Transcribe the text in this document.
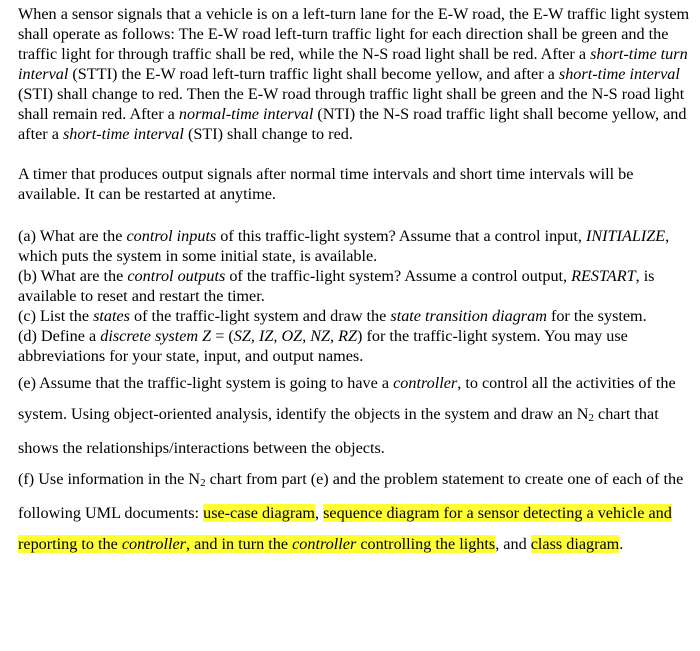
When a sensor signals that a vehicle is on a left-turn lane for the E-W road, the E-W traffic light system shall operate as follows: The E-W road left-turn traffic light for each direction shall be green and the traffic light for through traffic shall be red, while the N-S road light shall be red. After a short-time turn interval (STTI) the E-W road left-turn traffic light shall become yellow, and after a short-time interval (STI) shall change to red. Then the E-W road through traffic light shall be green and the N-S road light shall remain red. After a normal-time interval (NTI) the N-S road traffic light shall become yellow, and after a short-time interval (STI) shall change to red.

A timer that produces output signals after normal time intervals and short time intervals will be available. It can be restarted at anytime.

(a) What are the control inputs of this traffic-light system? Assume that a control input, INITIALIZE, which puts the system in some initial state, is available.

(b) What are the control outputs of the traffic-light system? Assume a control output, RESTART, is available to reset and restart the timer.

(c) List the states of the traffic-light system and draw the state transition diagram for the system.

(d) Define a discrete system Z = (SZ, IZ, OZ, NZ, RZ) for the traffic-light system. You may use abbreviations for your state, input, and output names.

(e) Assume that the traffic-light system is going to have a controller, to control all the activities of the system. Using object-oriented analysis, identify the objects in the system and draw an $N_2$ chart that shows the relationships/interactions between the objects.

(f) Use information in the $N_2$ chart from part (e) and the problem statement to create one of each of the following UML documents: use-case diagram, sequence diagram for a sensor detecting a vehicle and reporting to the controller, and in turn the controller controlling the lights, and class diagram.
